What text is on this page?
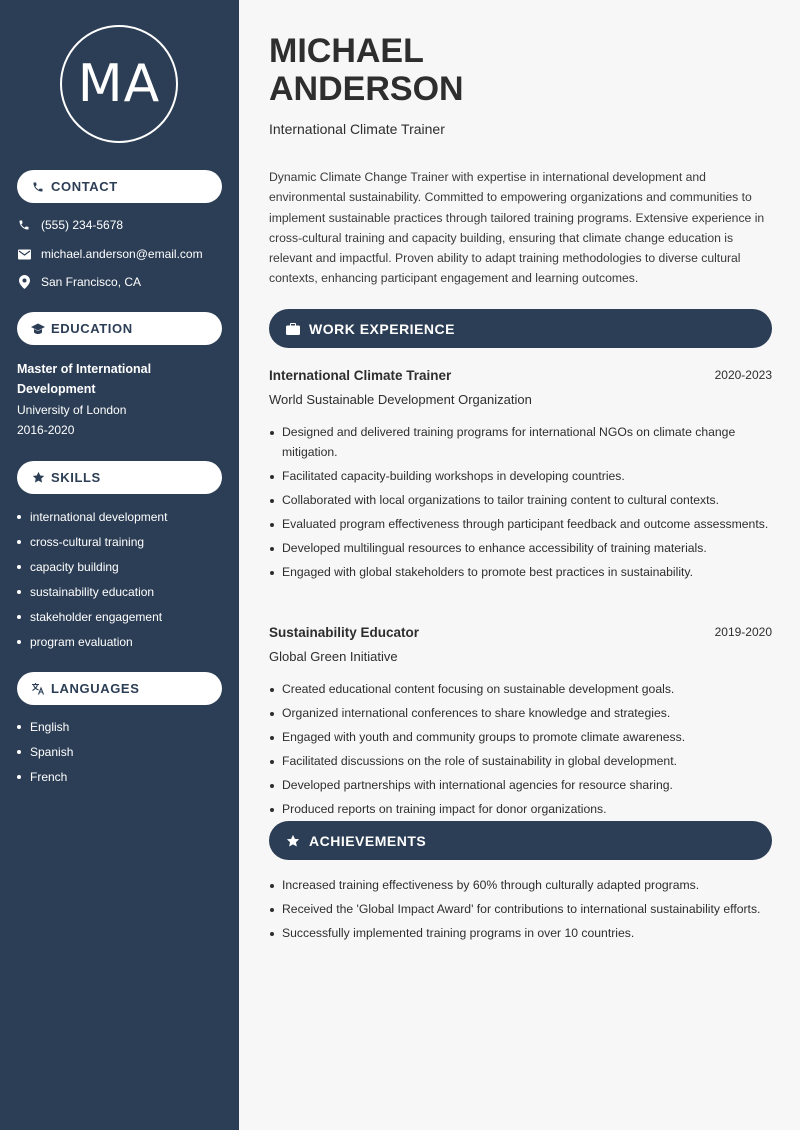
MA
CONTACT
(555) 234-5678
michael.anderson@email.com
San Francisco, CA
EDUCATION
Master of International Development
University of London
2016-2020
SKILLS
international development
cross-cultural training
capacity building
sustainability education
stakeholder engagement
program evaluation
LANGUAGES
English
Spanish
French
MICHAEL
ANDERSON
International Climate Trainer

Dynamic Climate Change Trainer with expertise in international development and environmental sustainability. Committed to empowering organizations and communities to implement sustainable practices through tailored training programs. Extensive experience in cross-cultural training and capacity building, ensuring that climate change education is relevant and impactful. Proven ability to adapt training methodologies to diverse cultural contexts, enhancing participant engagement and learning outcomes.

WORK EXPERIENCE
International Climate Trainer	2020-2023
World Sustainable Development Organization
Designed and delivered training programs for international NGOs on climate change mitigation.
Facilitated capacity-building workshops in developing countries.
Collaborated with local organizations to tailor training content to cultural contexts.
Evaluated program effectiveness through participant feedback and outcome assessments.
Developed multilingual resources to enhance accessibility of training materials.
Engaged with global stakeholders to promote best practices in sustainability.
Sustainability Educator	2019-2020
Global Green Initiative
Created educational content focusing on sustainable development goals.
Organized international conferences to share knowledge and strategies.
Engaged with youth and community groups to promote climate awareness.
Facilitated discussions on the role of sustainability in global development.
Developed partnerships with international agencies for resource sharing.
Produced reports on training impact for donor organizations.
ACHIEVEMENTS
Increased training effectiveness by 60% through culturally adapted programs.
Received the 'Global Impact Award' for contributions to international sustainability efforts.
Successfully implemented training programs in over 10 countries.
